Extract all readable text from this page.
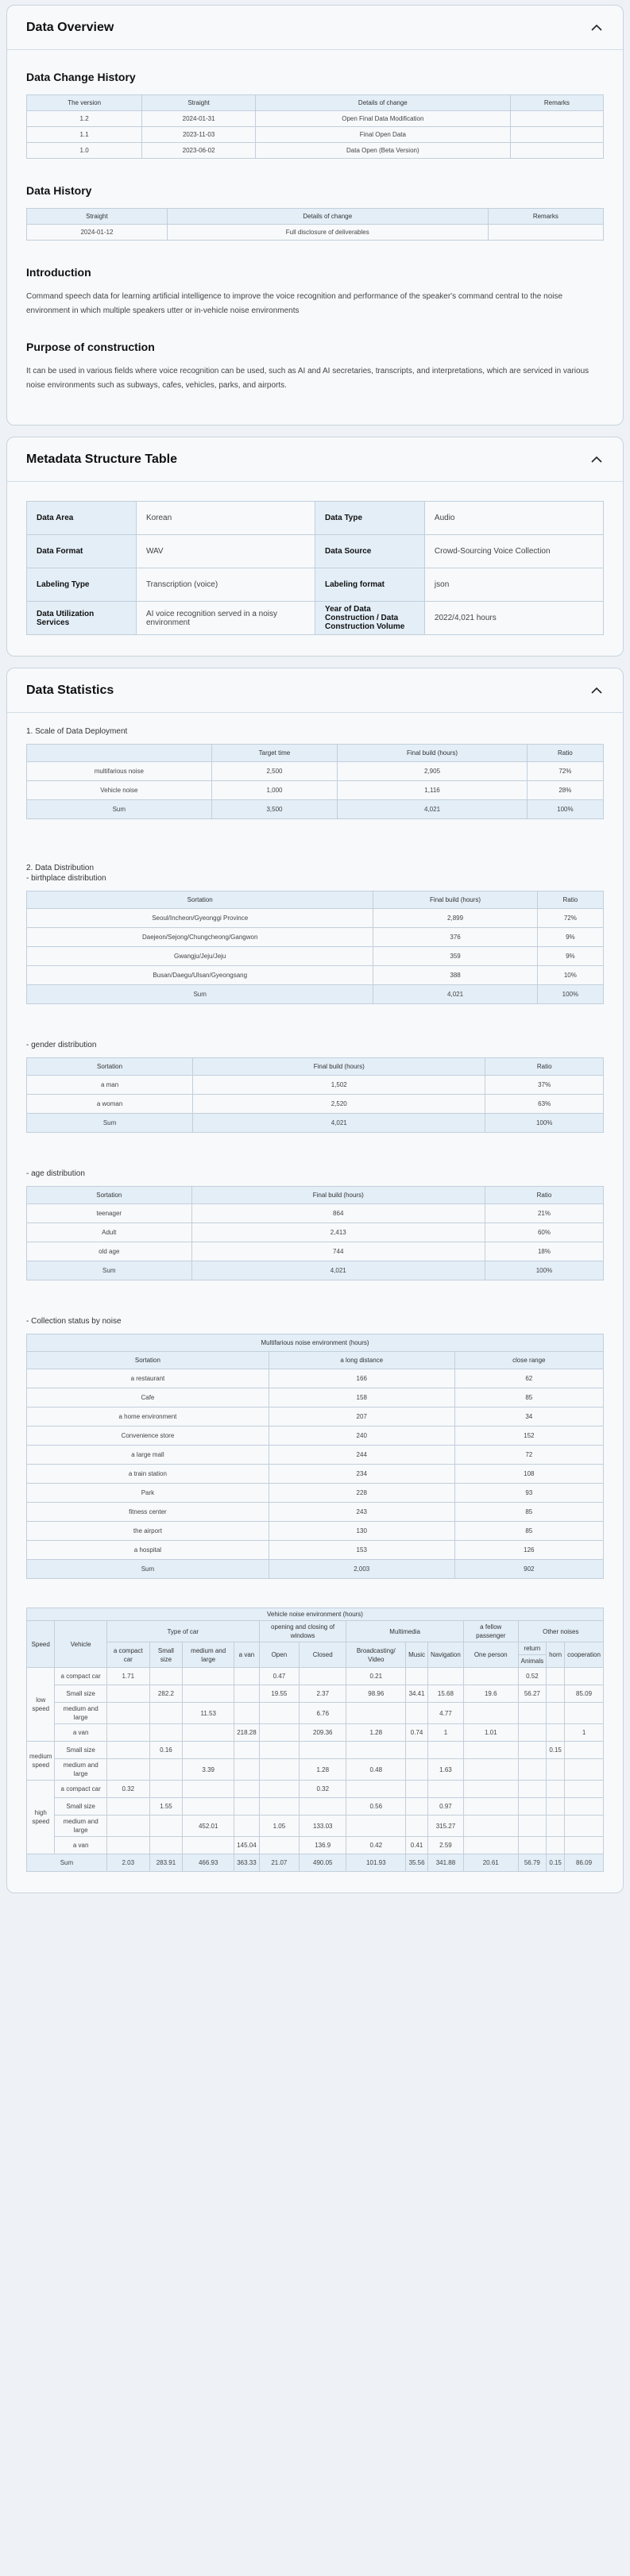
Data Overview
Data Change History
The version	Straight	Details of change	Remarks
1.2	2024-01-31	Open Final Data Modification	
1.1	2023-11-03	Final Open Data	
1.0	2023-06-02	Data Open (Beta Version)	
Data History
Straight	Details of change	Remarks
2024-01-12	Full disclosure of deliverables	
Introduction

Command speech data for learning artificial intelligence to improve the voice recognition and performance of the speaker's command central to the noise environment in which multiple speakers utter or in-vehicle noise environments

Purpose of construction

It can be used in various fields where voice recognition can be used, such as AI and AI secretaries, transcripts, and interpretations, which are serviced in various noise environments such as subways, cafes, vehicles, parks, and airports.

Metadata Structure Table
Data Area	Korean	Data Type	Audio
Data Format	WAV	Data Source	Crowd-Sourcing Voice Collection
Labeling Type	Transcription (voice)	Labeling format	json
Data Utilization Services	AI voice recognition served in a noisy environment	Year of Data Construction / Data Construction Volume	2022/4,021 hours
Data Statistics
1. Scale of Data Deployment
	Target time	Final build (hours)	Ratio
multifarious noise	2,500	2,905	72%
Vehicle noise	1,000	1,116	28%
Sum	3,500	4,021	100%
2. Data Distribution
- birthplace distribution
Sortation	Final build (hours)	Ratio
Seoul/Incheon/Gyeonggi Province	2,899	72%
Daejeon/Sejong/Chungcheong/Gangwon	376	9%
Gwangju/Jeju/Jeju	359	9%
Busan/Daegu/Ulsan/Gyeongsang	388	10%
Sum	4,021	100%
- gender distribution
Sortation	Final build (hours)	Ratio
a man	1,502	37%
a woman	2,520	63%
Sum	4,021	100%
- age distribution
Sortation	Final build (hours)	Ratio
teenager	864	21%
Adult	2,413	60%
old age	744	18%
Sum	4,021	100%
- Collection status by noise
Multifarious noise environment (hours)		
Sortation	a long distance	close range
a restaurant	166	62
Cafe	158	85
a home environment	207	34
Convenience store	240	152
a large mall	244	72
a train station	234	108
Park	228	93
fitness center	243	85
the airport	130	85
a hospital	153	126
Sum	2,003	902
Vehicle noise environment (hours)														
Speed	Vehicle	Type of car				opening and closing of windows		Multimedia			a fellow passenger	Other noises		
		a compact car	Small size	medium and large	a van	Open	Closed	Broadcasting/ Video	Music	Navigation	One person	return	horn	cooperation
												Animals		
low speed	a compact car	1.71				0.47		0.21				0.52		
	Small size		282.2			19.55	2.37	98.96	34.41	15.68	19.6	56.27		85.09
	medium and large			11.53			6.76			4.77				
	a van				218.28		209.36	1.28	0.74	1	1.01			1
medium speed	Small size		0.16										0.15	
	medium and large			3.39			1.28	0.48		1.63				
high speed	a compact car	0.32					0.32							
	Small size		1.55					0.56		0.97				
	medium and large			452.01		1.05	133.03			315.27				
	a van				145.04		136.9	0.42	0.41	2.59				
Sum		2.03	283.91	466.93	363.33	21.07	490.05	101.93	35.56	341.88	20.61	56.79	0.15	86.09
